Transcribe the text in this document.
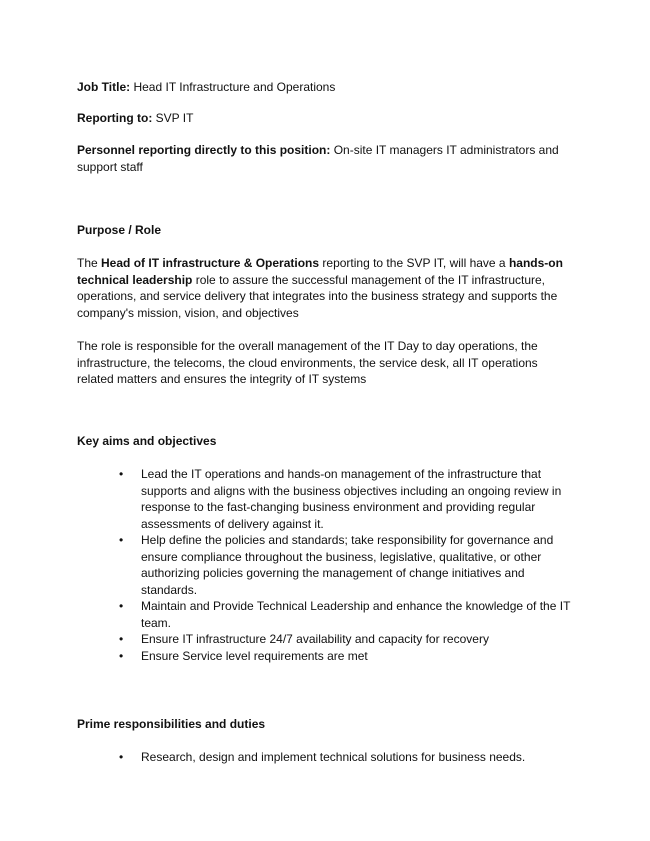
Job Title: Head IT Infrastructure and Operations
Reporting to: SVP IT
Personnel reporting directly to this position: On-site IT managers IT administrators and support staff
Purpose / Role
The Head of IT infrastructure & Operations reporting to the SVP IT, will have a hands-on technical leadership role to assure the successful management of the IT infrastructure, operations, and service delivery that integrates into the business strategy and supports the company's mission, vision, and objectives
The role is responsible for the overall management of the IT Day to day operations, the infrastructure, the telecoms, the cloud environments, the service desk, all IT operations related matters and ensures the integrity of IT systems
Key aims and objectives
• Lead the IT operations and hands-on management of the infrastructure that supports and aligns with the business objectives including an ongoing review in response to the fast-changing business environment and providing regular assessments of delivery against it.
• Help define the policies and standards; take responsibility for governance and ensure compliance throughout the business, legislative, qualitative, or other authorizing policies governing the management of change initiatives and standards.
• Maintain and Provide Technical Leadership and enhance the knowledge of the IT team.
• Ensure IT infrastructure 24/7 availability and capacity for recovery
• Ensure Service level requirements are met
Prime responsibilities and duties
• Research, design and implement technical solutions for business needs.
